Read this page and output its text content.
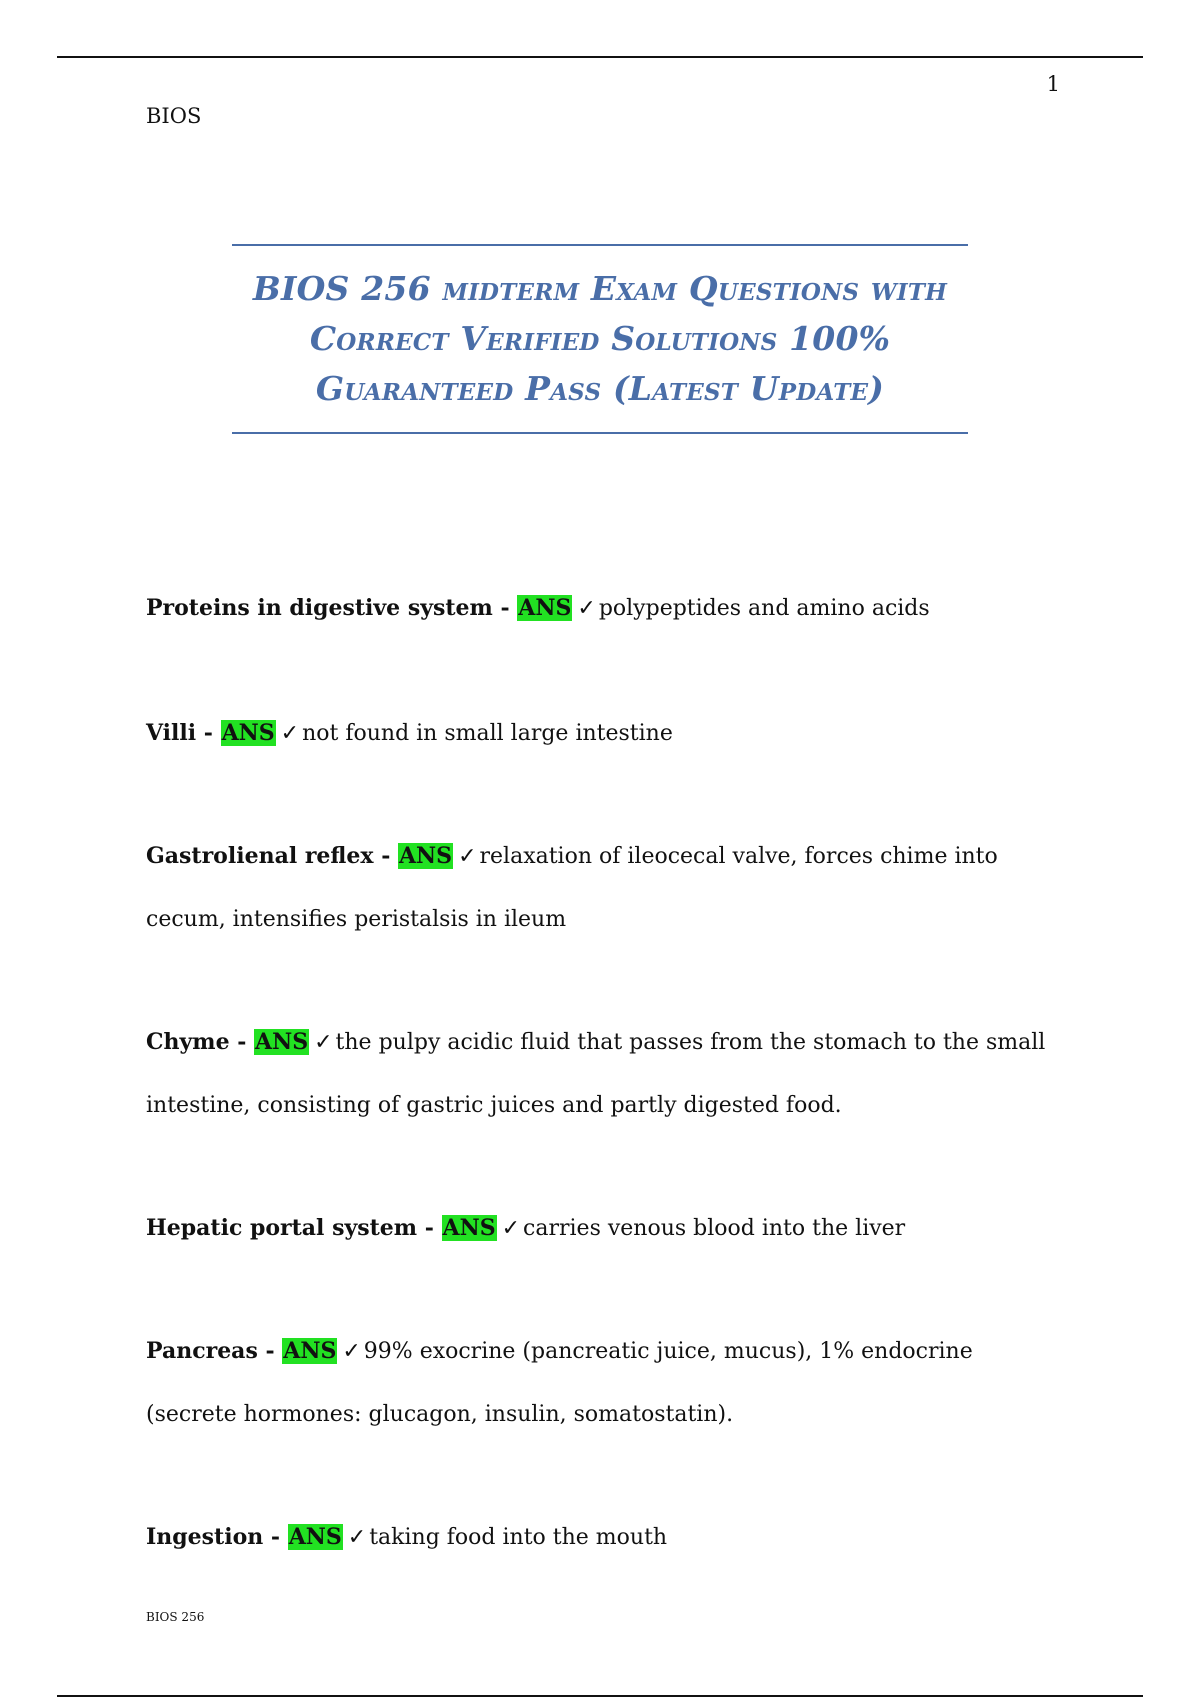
1
BIOS
BIOS 256 midterm Exam Questions with
Correct Verified Solutions 100%
Guaranteed Pass (Latest Update)
Proteins in digestive system - ANS ✓ polypeptides and amino acids
Villi - ANS ✓ not found in small large intestine
Gastrolienal reflex - ANS ✓ relaxation of ileocecal valve, forces chime into cecum, intensifies peristalsis in ileum
Chyme - ANS ✓ the pulpy acidic fluid that passes from the stomach to the small intestine, consisting of gastric juices and partly digested food.
Hepatic portal system - ANS ✓ carries venous blood into the liver
Pancreas - ANS ✓ 99% exocrine (pancreatic juice, mucus), 1% endocrine (secrete hormones: glucagon, insulin, somatostatin).
Ingestion - ANS ✓ taking food into the mouth
BIOS 256
